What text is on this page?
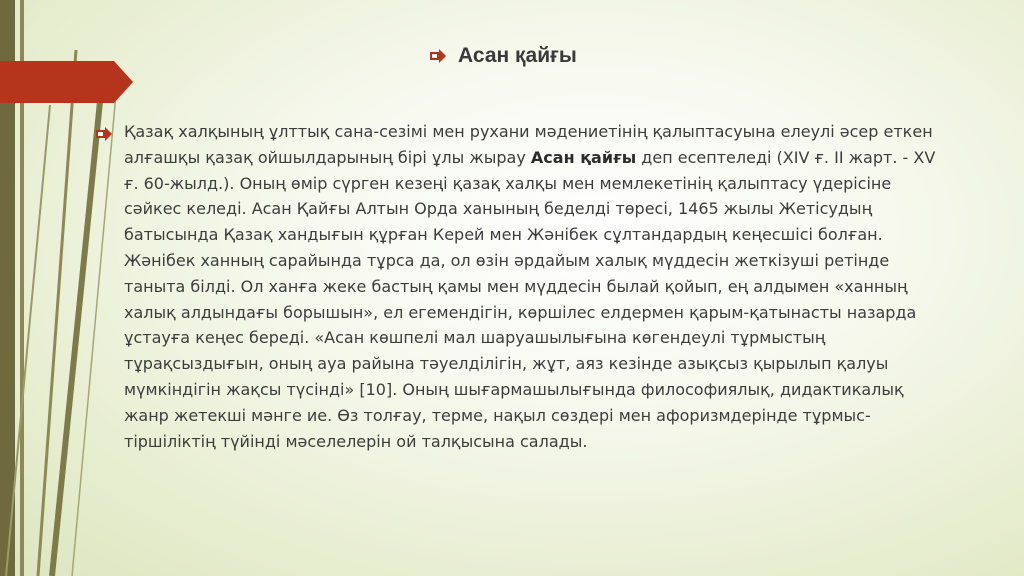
Асан қайғы

Қазақ халқының ұлттық сана-сезімі мен рухани мәдениетінің қалыптасуына елеулі әсер еткен алғашқы қазақ ойшылдарының бірі ұлы жырау Асан қайғы деп есептеледі (XIV ғ. ІІ жарт. - XV ғ. 60-жылд.). Оның өмір сүрген кезеңі қазақ халқы мен мемлекетінің қалыптасу үдерісіне сәйкес келеді. Асан Қайғы Алтын Орда ханының беделді төресі, 1465 жылы Жетісудың батысында Қазақ хандығын құрған Керей мен Жәнібек сұлтандардың кеңесшісі болған. Жәнібек ханның сарайында тұрса да, ол өзін әрдайым халық мүддесін жеткізуші ретінде таныта білді. Ол ханға жеке бастың қамы мен мүддесін былай қойып, ең алдымен «ханның халық алдындағы борышын», ел егемендігін, көршілес елдермен қарым-қатынасты назарда ұстауға кеңес береді. «Асан көшпелі мал шаруашылығына көгендеулі тұрмыстың тұрақсыздығын, оның ауа райына тәуелділігін, жұт, аяз кезінде азықсыз қырылып қалуы мүмкіндігін жақсы түсінді» [10]. Оның шығармашылығында философиялық, дидактикалық жанр жетекші мәнге ие. Өз толғау, терме, нақыл сөздері мен афоризмдерінде тұрмыс-тіршіліктің түйінді мәселелерін ой талқысына салады.
